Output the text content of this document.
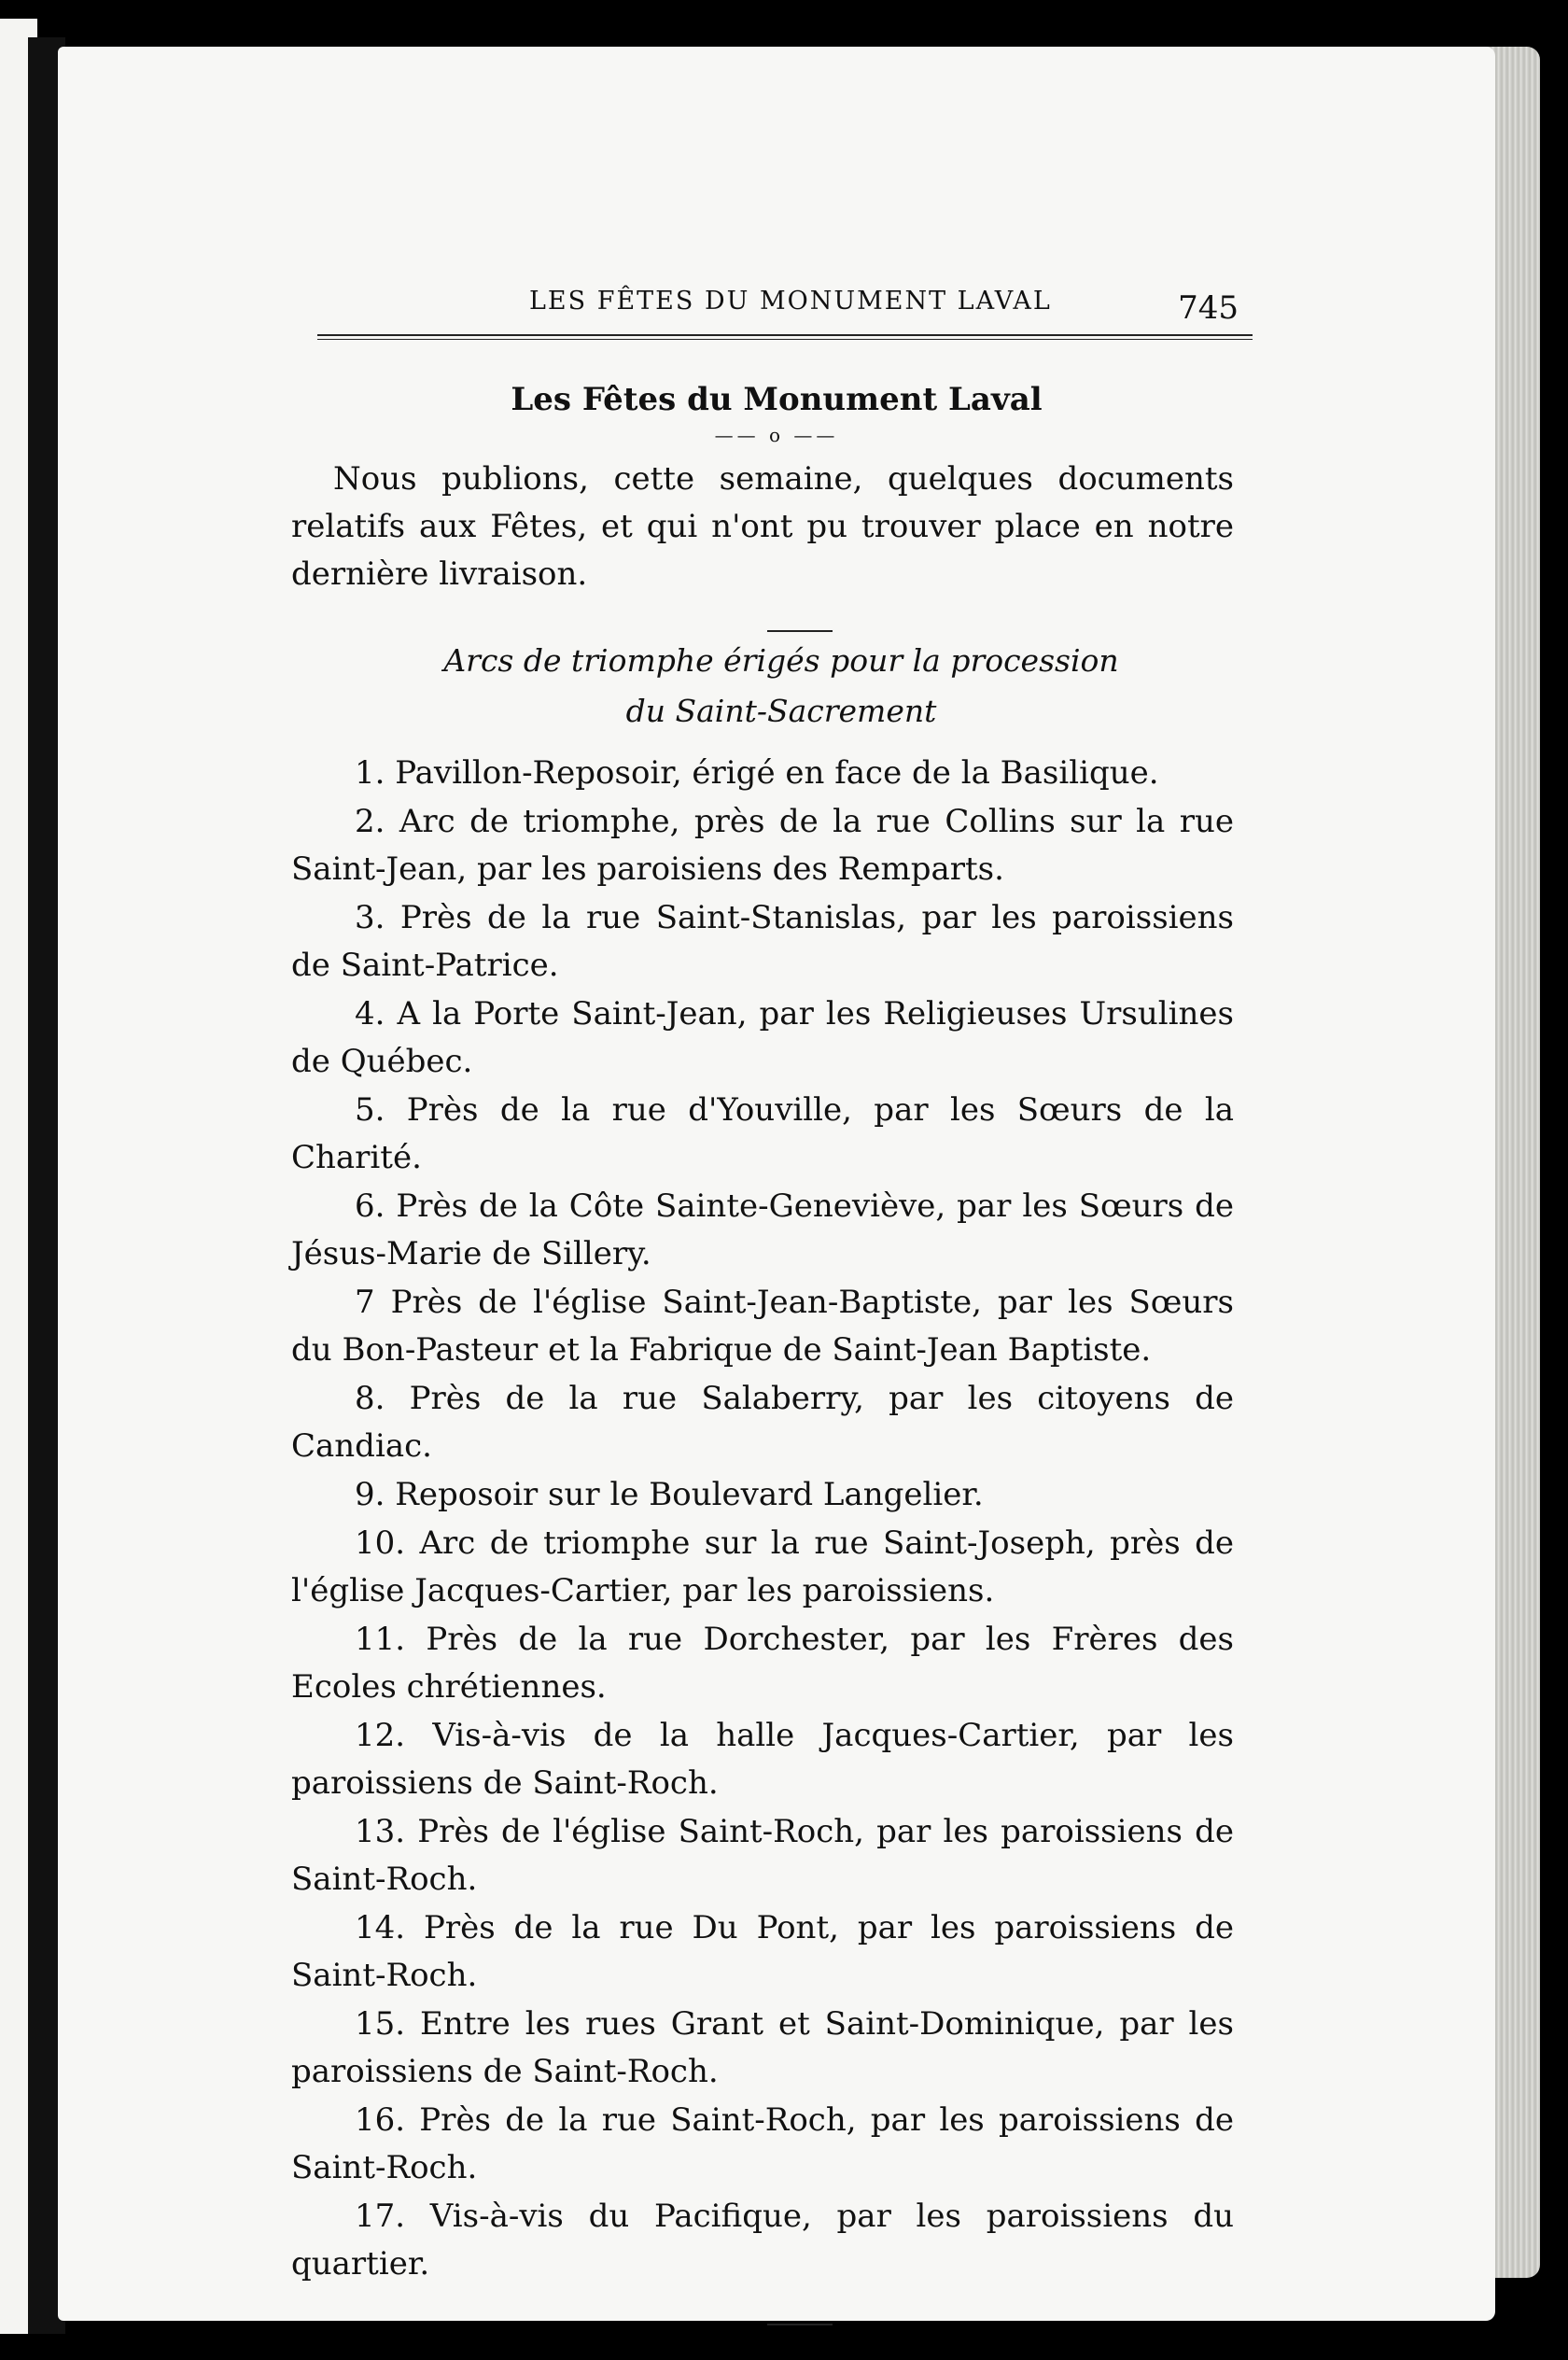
LES FÊTES DU MONUMENT LAVAL	745
Les Fêtes du Monument Laval
—— o ——

Nous publions, cette semaine, quelques documents relatifs aux Fêtes, et qui n'ont pu trouver place en notre dernière livraison.

Arcs de triomphe érigés pour la procession
du Saint-Sacrement
1. Pavillon-Reposoir, érigé en face de la Basilique.
2. Arc de triomphe, près de la rue Collins sur la rue Saint-Jean, par les paroisiens des Remparts.
3. Près de la rue Saint-Stanislas, par les paroissiens de Saint-Patrice.
4. A la Porte Saint-Jean, par les Religieuses Ursulines de Québec.
5. Près de la rue d'Youville, par les Sœurs de la Charité.
6. Près de la Côte Sainte-Geneviève, par les Sœurs de Jésus-Marie de Sillery.
7 Près de l'église Saint-Jean-Baptiste, par les Sœurs du Bon-Pasteur et la Fabrique de Saint-Jean Baptiste.
8. Près de la rue Salaberry, par les citoyens de Candiac.
9. Reposoir sur le Boulevard Langelier.
10. Arc de triomphe sur la rue Saint-Joseph, près de l'église Jacques-Cartier, par les paroissiens.
11. Près de la rue Dorchester, par les Frères des Ecoles chrétiennes.
12. Vis-à-vis de la halle Jacques-Cartier, par les paroissiens de Saint-Roch.
13. Près de l'église Saint-Roch, par les paroissiens de Saint-Roch.
14. Près de la rue Du Pont, par les paroissiens de Saint-Roch.
15. Entre les rues Grant et Saint-Dominique, par les paroissiens de Saint-Roch.
16. Près de la rue Saint-Roch, par les paroissiens de Saint-Roch.
17. Vis-à-vis du Pacifique, par les paroissiens du quartier.
